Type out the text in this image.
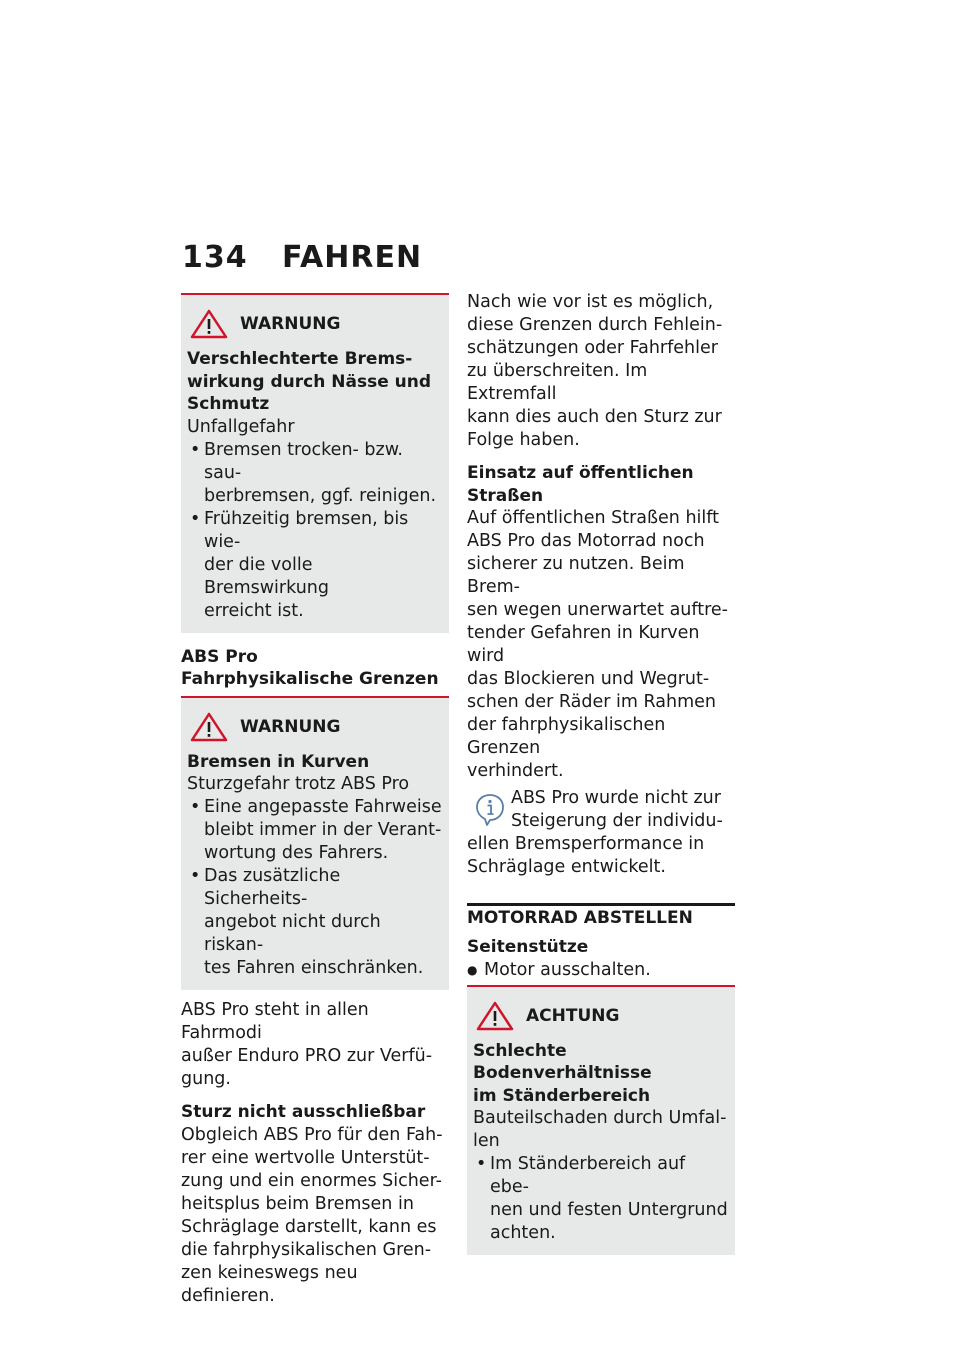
134 FAHREN
WARNUNG
Verschlechterte Brems-
wirkung durch Nässe und
Schmutz

Unfallgefahr

• Bremsen trocken- bzw. sau-
berbremsen, ggf. reinigen.
• Frühzeitig bremsen, bis wie-
der die volle Bremswirkung
erreicht ist.
ABS Pro
Fahrphysikalische Grenzen
WARNUNG
Bremsen in Kurven

Sturzgefahr trotz ABS Pro

• Eine angepasste Fahrweise
bleibt immer in der Verant-
wortung des Fahrers.
• Das zusätzliche Sicherheits-
angebot nicht durch riskan-
tes Fahren einschränken.
ABS Pro steht in allen Fahrmodi
außer Enduro PRO zur Verfü-
gung.
Sturz nicht ausschließbar
Obgleich ABS Pro für den Fah-
rer eine wertvolle Unterstüt-
zung und ein enormes Sicher-
heitsplus beim Bremsen in
Schräglage darstellt, kann es
die fahrphysikalischen Gren-
zen keineswegs neu definieren.
Nach wie vor ist es möglich,
diese Grenzen durch Fehlein-
schätzungen oder Fahrfehler
zu überschreiten. Im Extremfall
kann dies auch den Sturz zur
Folge haben.
Einsatz auf öffentlichen
Straßen
Auf öffentlichen Straßen hilft
ABS Pro das Motorrad noch
sicherer zu nutzen. Beim Brem-
sen wegen unerwartet auftre-
tender Gefahren in Kurven wird
das Blockieren und Wegrut-
schen der Räder im Rahmen
der fahrphysikalischen Grenzen
verhindert.
ABS Pro wurde nicht zur
Steigerung der individu-
ellen Bremsperformance in
Schräglage entwickelt.
MOTORRAD ABSTELLEN
Seitenstütze
● Motor ausschalten.
ACHTUNG
Schlechte Bodenverhältnisse
im Ständerbereich
Bauteilschaden durch Umfal-
len
• Im Ständerbereich auf ebe-
nen und festen Untergrund
achten.
